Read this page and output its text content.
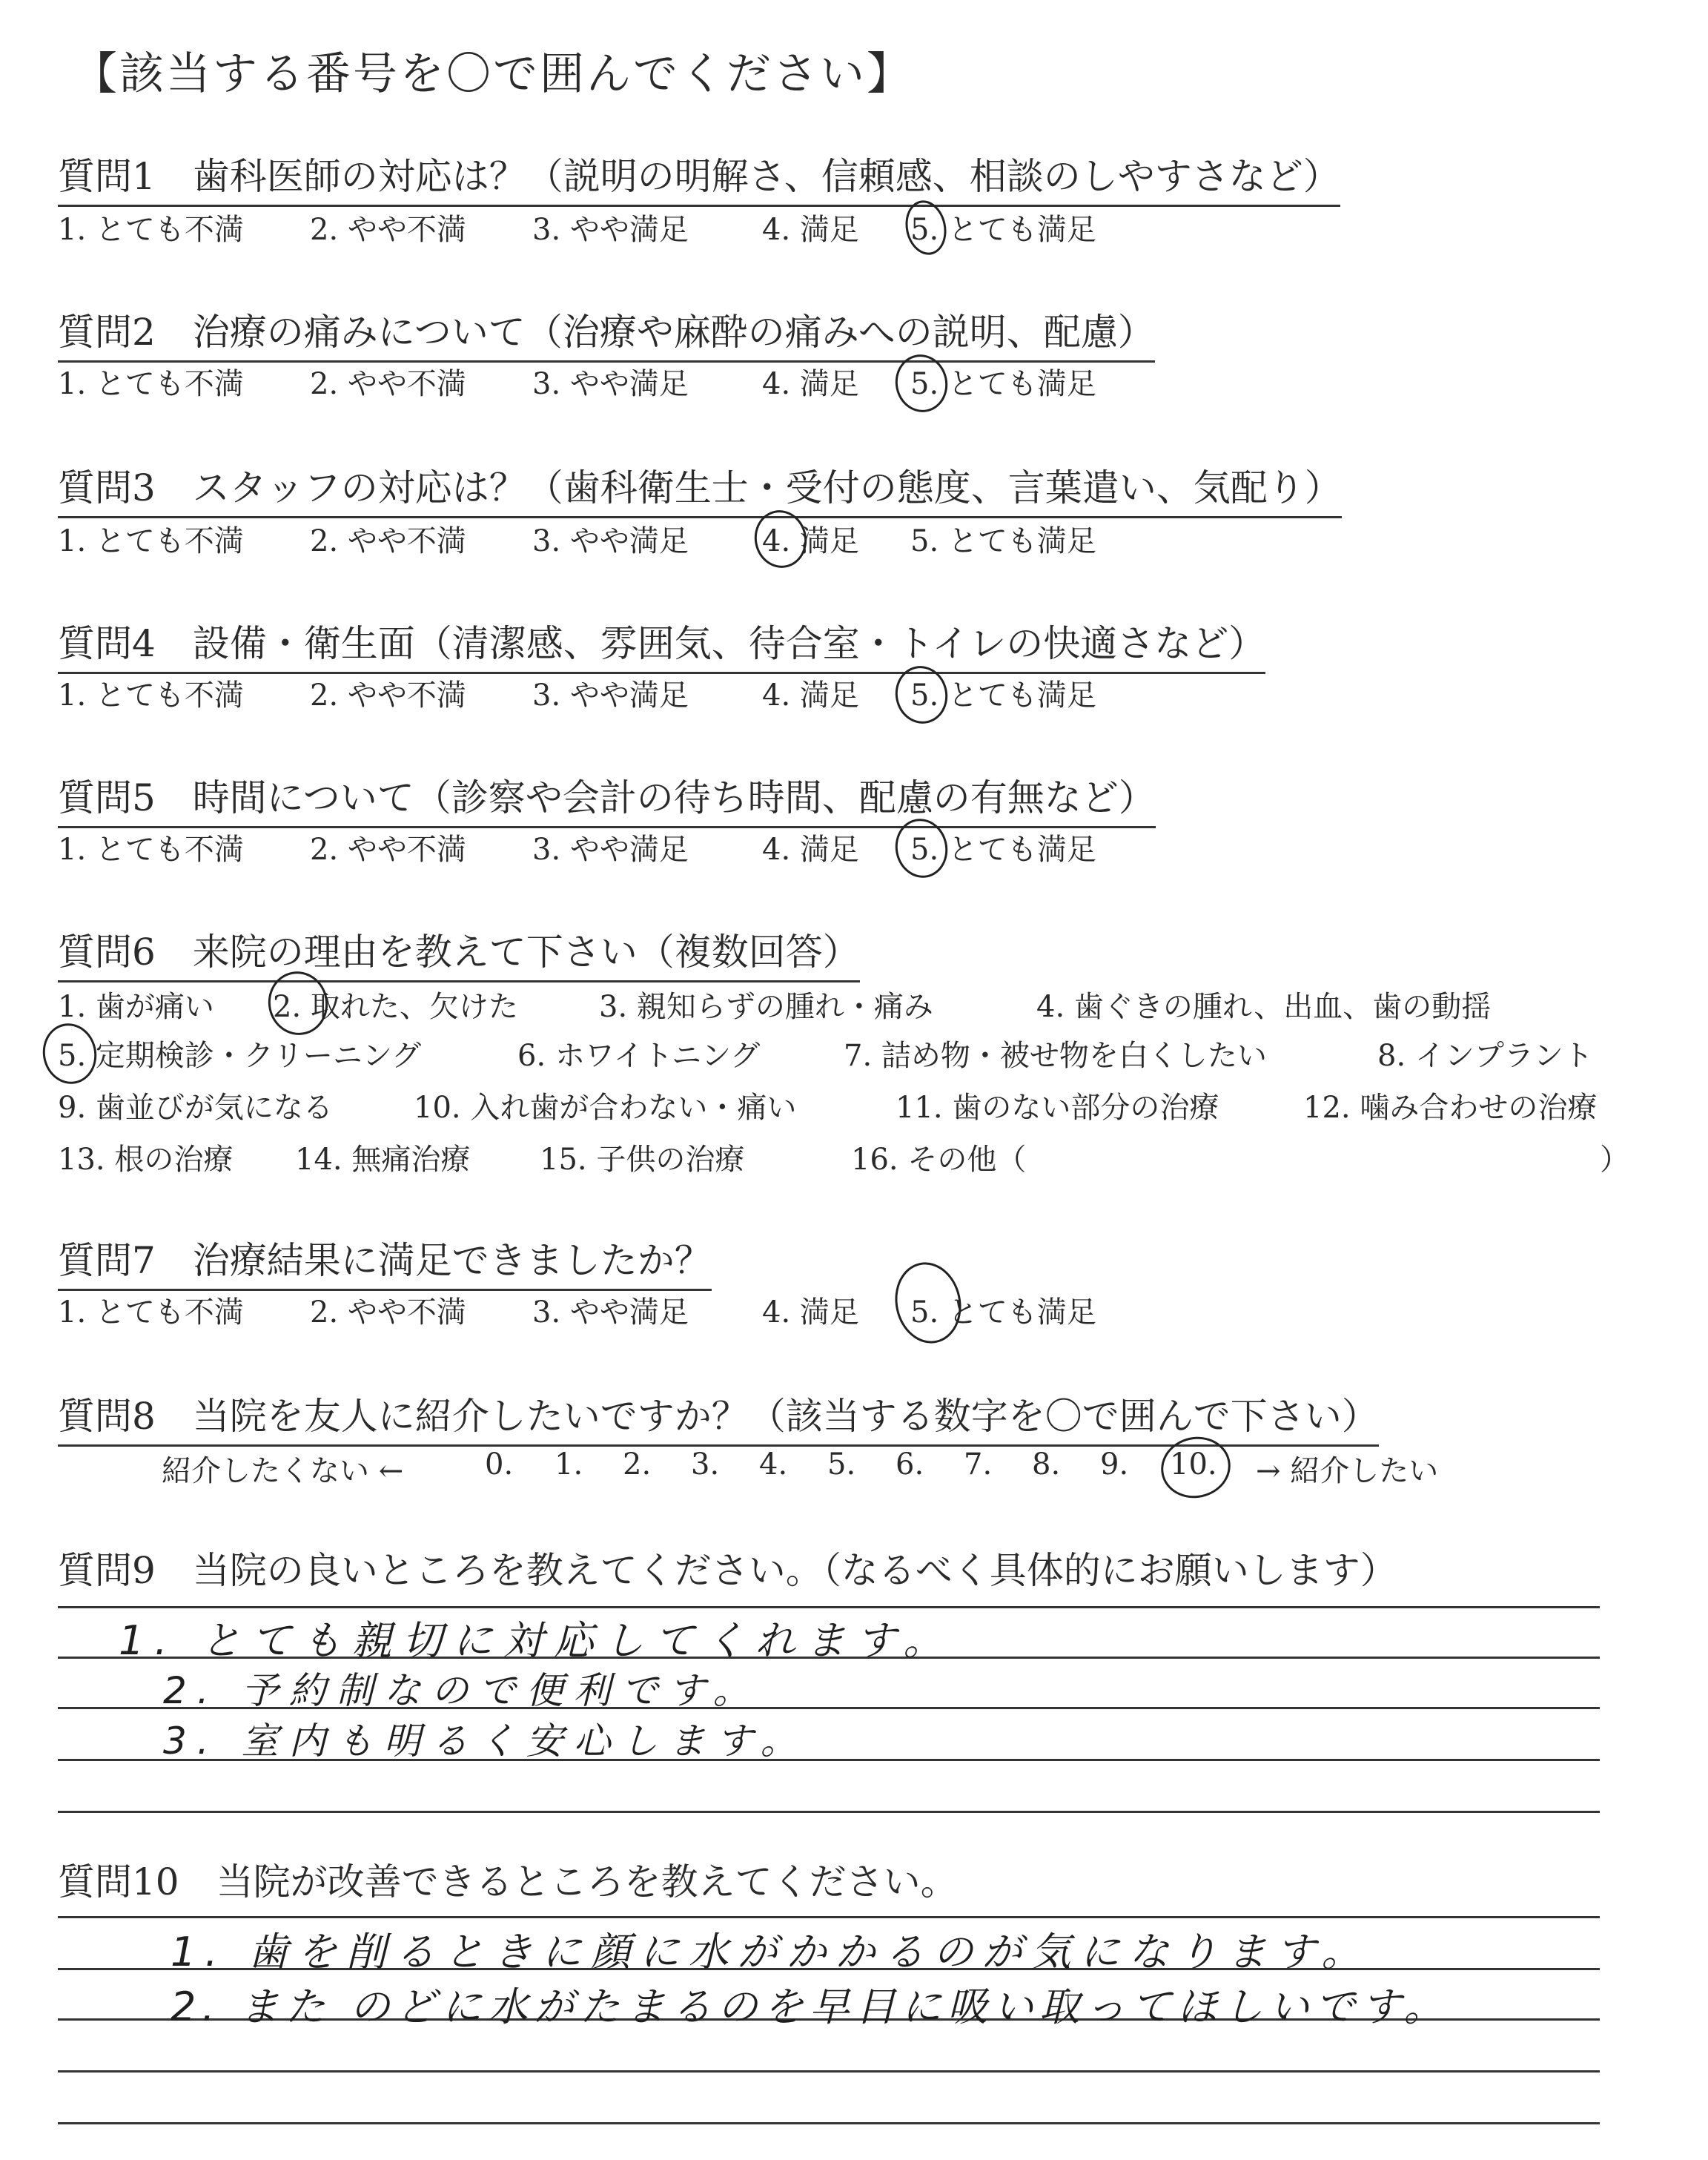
【該当する番号を〇で囲んでください】
質問1　歯科医師の対応は？（説明の明解さ、信頼感、相談のしやすさなど）
1. とても不満 2. やや不満 3. やや満足 4. 満足 5. とても満足
質問2　治療の痛みについて（治療や麻酔の痛みへの説明、配慮）
1. とても不満 2. やや不満 3. やや満足 4. 満足 5. とても満足
質問3　スタッフの対応は？（歯科衛生士・受付の態度、言葉遣い、気配り）
1. とても不満 2. やや不満 3. やや満足 4. 満足 5. とても満足
質問4　設備・衛生面（清潔感、雰囲気、待合室・トイレの快適さなど）
1. とても不満 2. やや不満 3. やや満足 4. 満足 5. とても満足
質問5　時間について（診察や会計の待ち時間、配慮の有無など）
1. とても不満 2. やや不満 3. やや満足 4. 満足 5. とても満足
質問6　来院の理由を教えて下さい（複数回答）
1. 歯が痛い 2. 取れた、欠けた	3. 親知らずの腫れ・痛み	4. 歯ぐきの腫れ、出血、歯の動揺
5. 定期検診・クリーニング	6. ホワイトニング	7. 詰め物・被せ物を白くしたい	8. インプラント
9. 歯並びが気になる	10. 入れ歯が合わない・痛い	11. 歯のない部分の治療	12. 噛み合わせの治療
13. 根の治療 14. 無痛治療 15. 子供の治療	16. その他（	）
質問7　治療結果に満足できましたか？
1. とても不満 2. やや不満 3. やや満足 4. 満足 5. とても満足
質問8　当院を友人に紹介したいですか？（該当する数字を〇で囲んで下さい）
紹介したくない ←	0. 1. 2. 3. 4. 5. 6. 7. 8. 9. 10. → 紹介したい
質問9　当院の良いところを教えてください。（なるべく具体的にお願いします）
1. とても親切に対応してくれます。
2. 予約制なので便利です。
3. 室内も明るく安心します。
質問10　当院が改善できるところを教えてください。
1. 歯を削るときに顔に水がかかるのが気になります。
2. また のどに水がたまるのを早目に吸い取ってほしいです。
